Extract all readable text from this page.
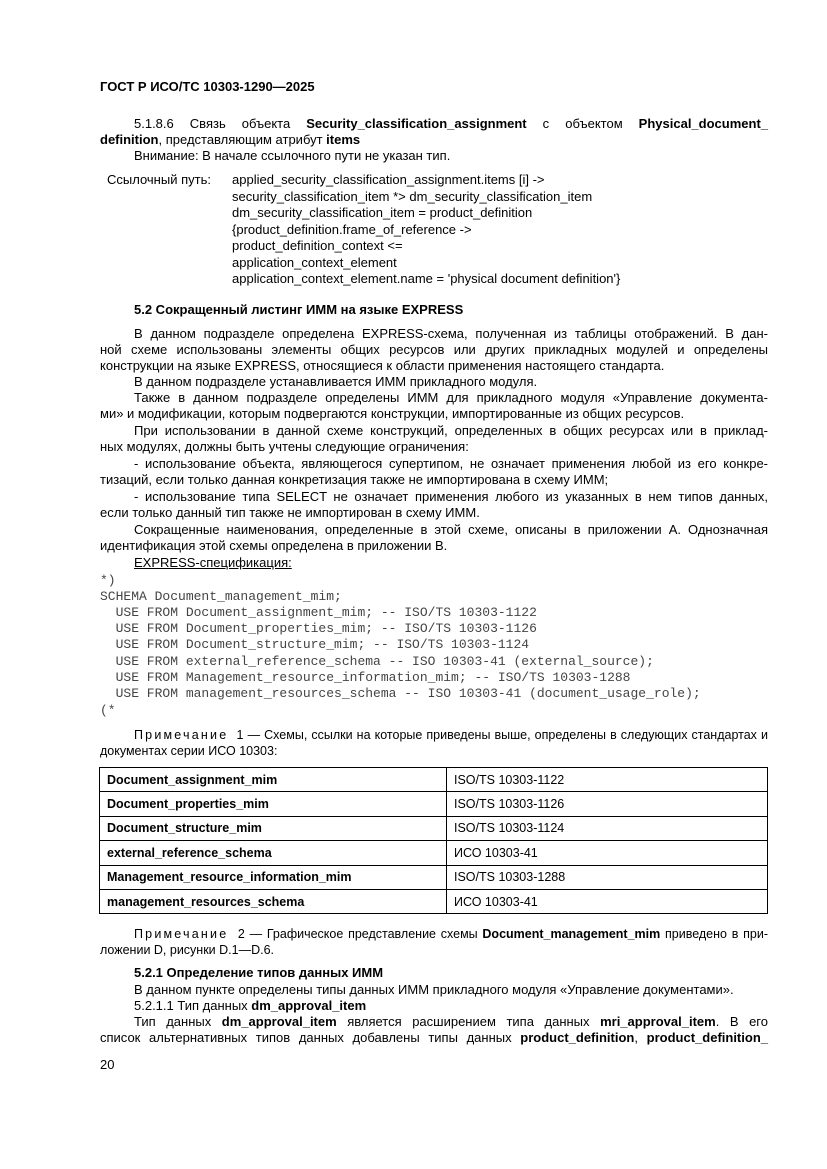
ГОСТ Р ИСО/ТС 10303-1290—2025
5.1.8.6 Связь объекта Security_classification_assignment с объектом Physical_document_
definition, представляющим атрибут items
Внимание: В начале ссылочного пути не указан тип.
Ссылочный путь: applied_security_classification_assignment.items [i] ->
security_classification_item *> dm_security_classification_item
dm_security_classification_item = product_definition
{product_definition.frame_of_reference ->
product_definition_context <=
application_context_element
application_context_element.name = 'physical document definition'}
5.2 Сокращенный листинг ИММ на языке EXPRESS
В данном подразделе определена EXPRESS-схема, полученная из таблицы отображений. В дан-
ной схеме использованы элементы общих ресурсов или других прикладных модулей и определены
конструкции на языке EXPRESS, относящиеся к области применения настоящего стандарта.
В данном подразделе устанавливается ИММ прикладного модуля.
Также в данном подразделе определены ИММ для прикладного модуля «Управление документа-
ми» и модификации, которым подвергаются конструкции, импортированные из общих ресурсов.
При использовании в данной схеме конструкций, определенных в общих ресурсах или в приклад-
ных модулях, должны быть учтены следующие ограничения:
- использование объекта, являющегося супертипом, не означает применения любой из его конкре-
тизаций, если только данная конкретизация также не импортирована в схему ИММ;
- использование типа SELECT не означает применения любого из указанных в нем типов данных,
если только данный тип также не импортирован в схему ИММ.
Сокращенные наименования, определенные в этой схеме, описаны в приложении А. Однозначная
идентификация этой схемы определена в приложении В.
EXPRESS-спецификация:
*)
SCHEMA Document_management_mim;
USE FROM Document_assignment_mim; -- ISO/TS 10303-1122
USE FROM Document_properties_mim; -- ISO/TS 10303-1126
USE FROM Document_structure_mim; -- ISO/TS 10303-1124
USE FROM external_reference_schema -- ISO 10303-41 (external_source);
USE FROM Management_resource_information_mim; -- ISO/TS 10303-1288
USE FROM management_resources_schema -- ISO 10303-41 (document_usage_role);
(*
Примечание 1 — Схемы, ссылки на которые приведены выше, определены в следующих стандартах и
документах серии ИСО 10303:
Document_assignment_mim	ISO/TS 10303-1122
Document_properties_mim	ISO/TS 10303-1126
Document_structure_mim	ISO/TS 10303-1124
external_reference_schema	ИСО 10303-41
Management_resource_information_mim	ISO/TS 10303-1288
management_resources_schema	ИСО 10303-41
Примечание 2 — Графическое представление схемы Document_management_mim приведено в при-
ложении D, рисунки D.1—D.6.
5.2.1 Определение типов данных ИММ
В данном пункте определены типы данных ИММ прикладного модуля «Управление документами».
5.2.1.1 Тип данных dm_approval_item
Тип данных dm_approval_item является расширением типа данных mri_approval_item. В его
список альтернативных типов данных добавлены типы данных product_definition, product_definition_
20
